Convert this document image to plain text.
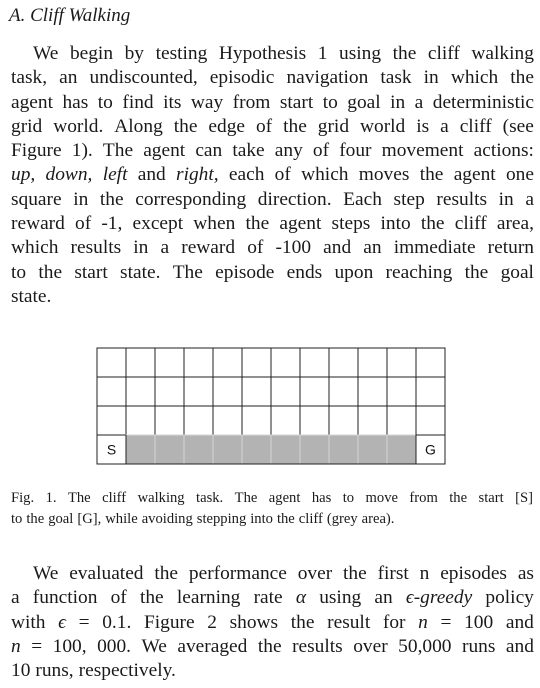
A. Cliff Walking
We begin by testing Hypothesis 1 using the cliff walking
task, an undiscounted, episodic navigation task in which the
agent has to find its way from start to goal in a deterministic
grid world. Along the edge of the grid world is a cliff (see
Figure 1). The agent can take any of four movement actions:
up, down, left and right, each of which moves the agent one
square in the corresponding direction. Each step results in a
reward of -1, except when the agent steps into the cliff area,
which results in a reward of -100 and an immediate return
to the start state. The episode ends upon reaching the goal
state.
S	G
Fig. 1. The cliff walking task. The agent has to move from the start [S]
to the goal [G], while avoiding stepping into the cliff (grey area).
We evaluated the performance over the first n episodes as
a function of the learning rate α using an ϵ-greedy policy
with ϵ = 0.1. Figure 2 shows the result for n = 100 and
n = 100, 000. We averaged the results over 50,000 runs and
10 runs, respectively.
